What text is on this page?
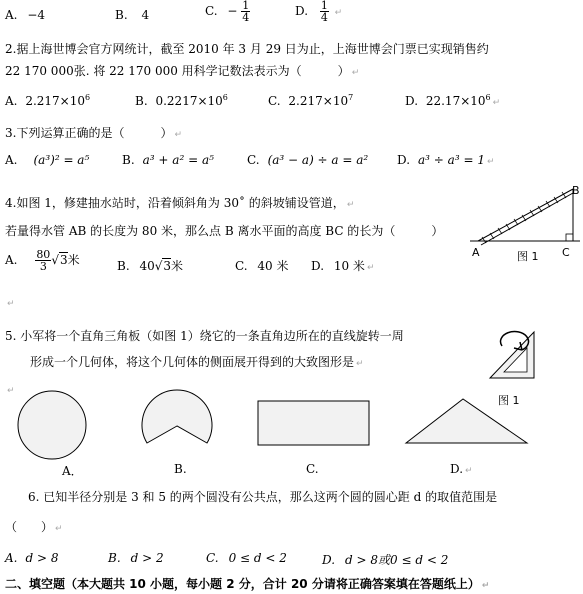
A. −4	B. 4	C. − $\frac{1}{4}$	D. $\frac{1}{4}$ ↵
2.据上海世博会官方网统计，截至 2010 年 3 月 29 日为止，上海世博会门票已实现销售约
22 170 000张. 将 22 170 000 用科学记数法表示为（　　　） ↵
A. $2.217\times 10^6$	B. $0.2217\times 10^6$	C. $2.217\times 10^7$	D. $22.17\times 10^6↵$
3.下列运算正确的是（　　　） ↵
A. (a³)² = a⁵	B. a³ + a² = a⁵	C. (a³ − a) ÷ a = a² D. a³ ÷ a³ = 1 ↵
4.如图 1，修建抽水站时，沿着倾斜角为 30˚ 的斜坡铺设管道， ↵
若量得水管 AB 的长度为 80 米，那么点 B 离水平面的高度 BC 的长为（　　　）
A. $\frac{80}{3} √3$米	B. 40√3米	C. 40 米 D. 10 米 ↵
↵
A
B
C
图 1
5. 小军将一个直角三角板（如图 1）绕它的一条直角边所在的直线旋转一周
形成一个几何体，将这个几何体的侧面展开得到的大致图形是 ↵
↵
图 1
A．	B.	C.	D. ↵
6. 已知半径分别是 3 和 5 的两个圆没有公共点，那么这两个圆的圆心距 d 的取值范围是
（　　） ↵
A. d > 8	B. d > 2	C. 0 ≤ d < 2	D. d > 8或0 ≤ d < 2
二、填空题（本大题共 10 小题，每小题 2 分，合计 20 分请将正确答案填在答题纸上） ↵
